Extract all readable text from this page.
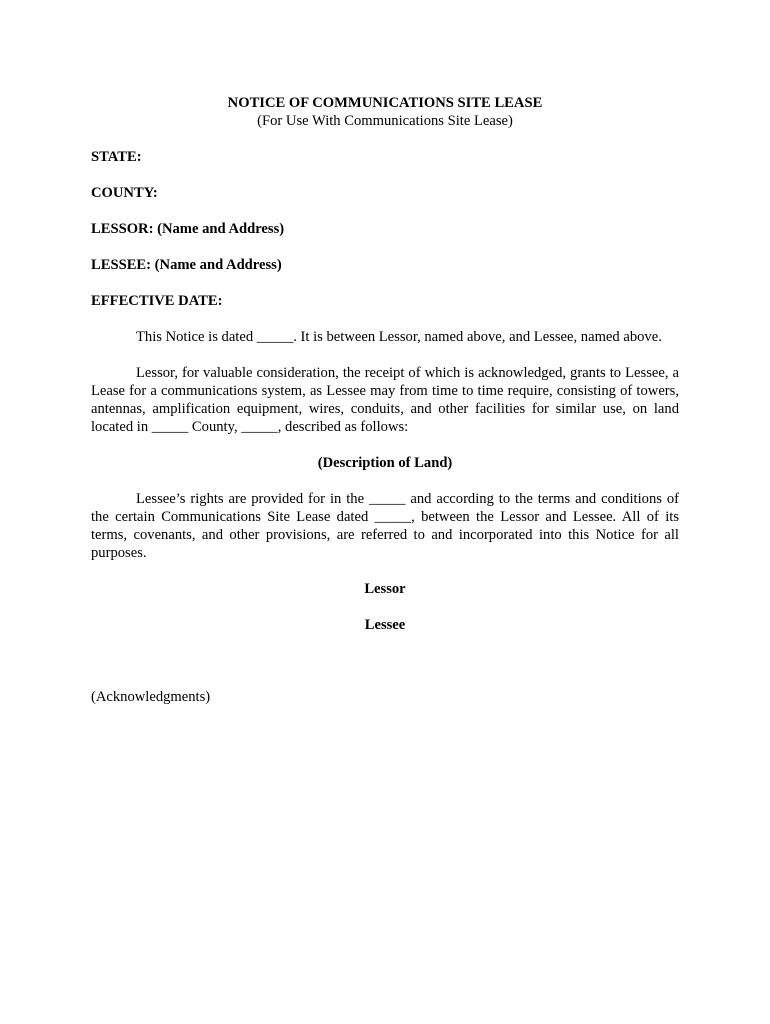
NOTICE OF COMMUNICATIONS SITE LEASE

(For Use With Communications Site Lease)

STATE:

COUNTY:

LESSOR: (Name and Address)

LESSEE: (Name and Address)

EFFECTIVE DATE:

This Notice is dated _____. It is between Lessor, named above, and Lessee, named above.

Lessor, for valuable consideration, the receipt of which is acknowledged, grants to Lessee, a Lease for a communications system, as Lessee may from time to time require, consisting of towers, antennas, amplification equipment, wires, conduits, and other facilities for similar use, on land located in _____ County, _____, described as follows:

(Description of Land)

Lessee’s rights are provided for in the _____ and according to the terms and conditions of the certain Communications Site Lease dated _____, between the Lessor and Lessee. All of its terms, covenants, and other provisions, are referred to and incorporated into this Notice for all purposes.

Lessor

Lessee

(Acknowledgments)
